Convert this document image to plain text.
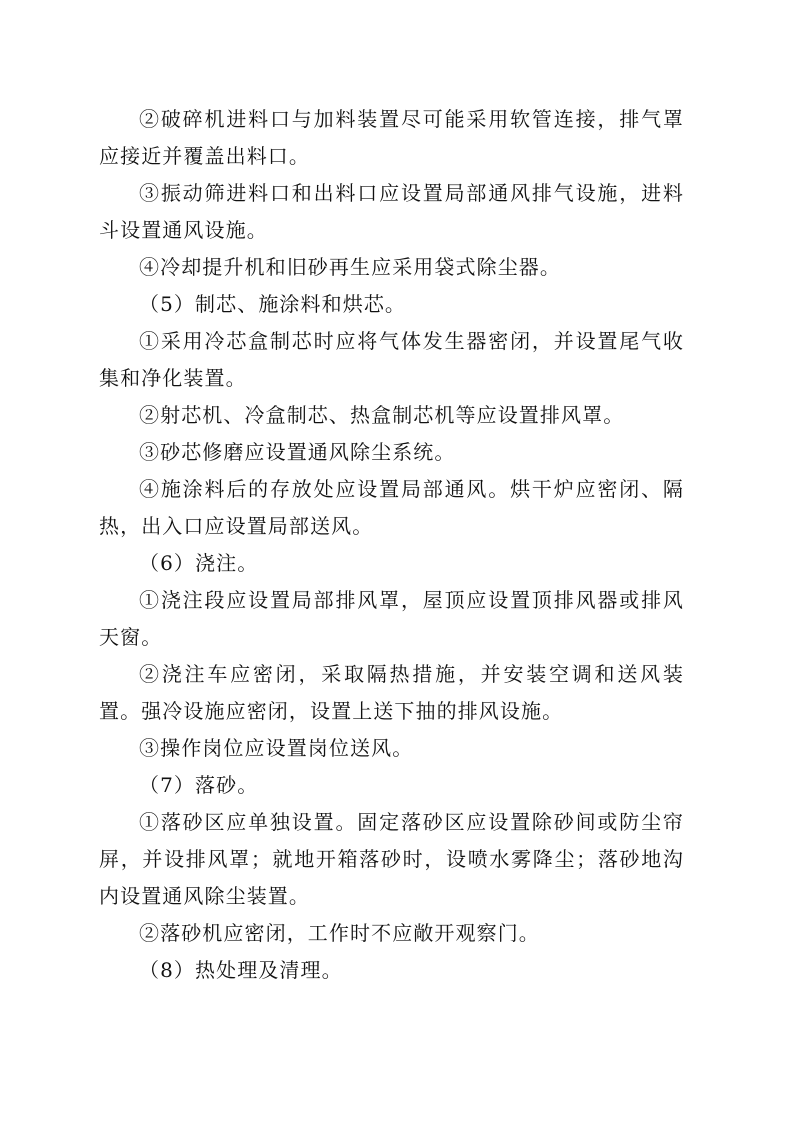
②破碎机进料口与加料装置尽可能采用软管连接，排气罩应接近并覆盖出料口。

③振动筛进料口和出料口应设置局部通风排气设施，进料斗设置通风设施。

④冷却提升机和旧砂再生应采用袋式除尘器。

（5）制芯、施涂料和烘芯。

①采用冷芯盒制芯时应将气体发生器密闭，并设置尾气收集和净化装置。

②射芯机、冷盒制芯、热盒制芯机等应设置排风罩。

③砂芯修磨应设置通风除尘系统。

④施涂料后的存放处应设置局部通风。烘干炉应密闭、隔热，出入口应设置局部送风。

（6）浇注。

①浇注段应设置局部排风罩，屋顶应设置顶排风器或排风天窗。

②浇注车应密闭，采取隔热措施，并安装空调和送风装置。强冷设施应密闭，设置上送下抽的排风设施。

③操作岗位应设置岗位送风。

（7）落砂。

①落砂区应单独设置。固定落砂区应设置除砂间或防尘帘屏，并设排风罩；就地开箱落砂时，设喷水雾降尘；落砂地沟内设置通风除尘装置。

②落砂机应密闭，工作时不应敞开观察门。

（8）热处理及清理。
